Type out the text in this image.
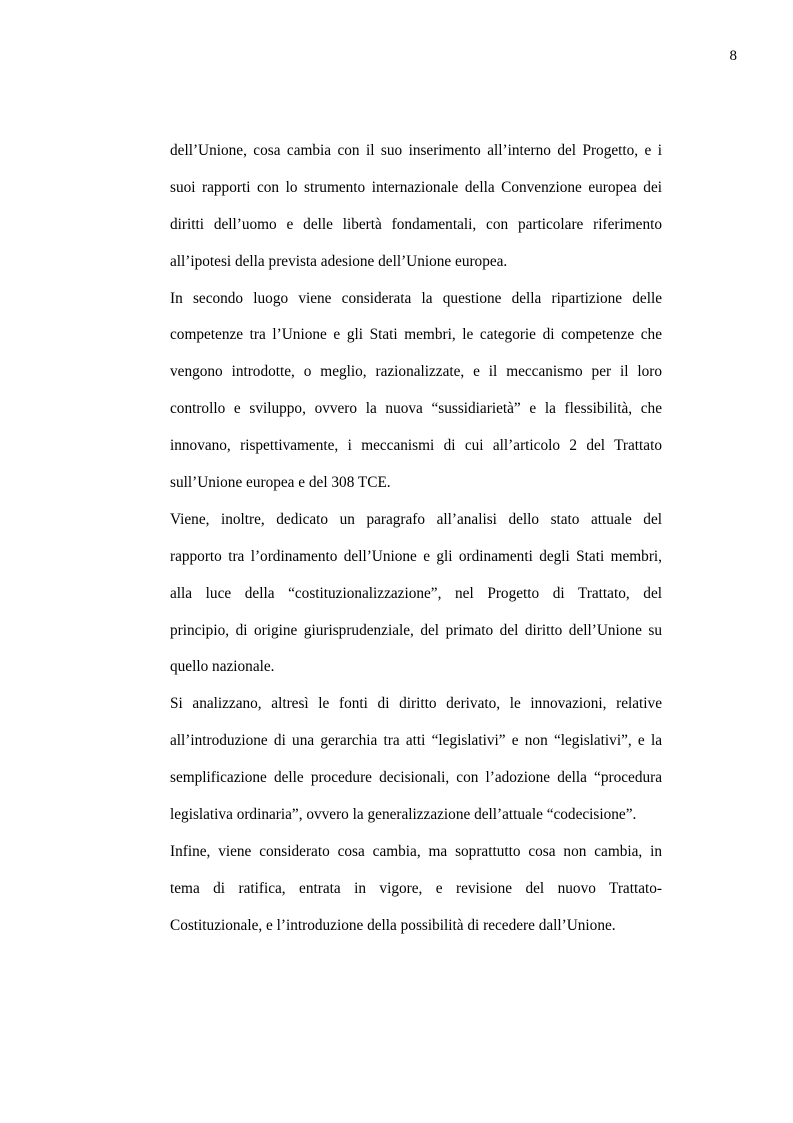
8
dell’Unione, cosa cambia con il suo inserimento all’interno del Progetto, e i
suoi rapporti con lo strumento internazionale della Convenzione europea dei
diritti dell’uomo e delle libertà fondamentali, con particolare riferimento
all’ipotesi della prevista adesione dell’Unione europea.
In secondo luogo viene considerata la questione della ripartizione delle
competenze tra l’Unione e gli Stati membri, le categorie di competenze che
vengono introdotte, o meglio, razionalizzate, e il meccanismo per il loro
controllo e sviluppo, ovvero la nuova “sussidiarietà” e la flessibilità, che
innovano, rispettivamente, i meccanismi di cui all’articolo 2 del Trattato
sull’Unione europea e del 308 TCE.
Viene, inoltre, dedicato un paragrafo all’analisi dello stato attuale del
rapporto tra l’ordinamento dell’Unione e gli ordinamenti degli Stati membri,
alla luce della “costituzionalizzazione”, nel Progetto di Trattato, del
principio, di origine giurisprudenziale, del primato del diritto dell’Unione su
quello nazionale.
Si analizzano, altresì le fonti di diritto derivato, le innovazioni, relative
all’introduzione di una gerarchia tra atti “legislativi” e non “legislativi”, e la
semplificazione delle procedure decisionali, con l’adozione della “procedura
legislativa ordinaria”, ovvero la generalizzazione dell’attuale “codecisione”.
Infine, viene considerato cosa cambia, ma soprattutto cosa non cambia, in
tema di ratifica, entrata in vigore, e revisione del nuovo Trattato-
Costituzionale, e l’introduzione della possibilità di recedere dall’Unione.
